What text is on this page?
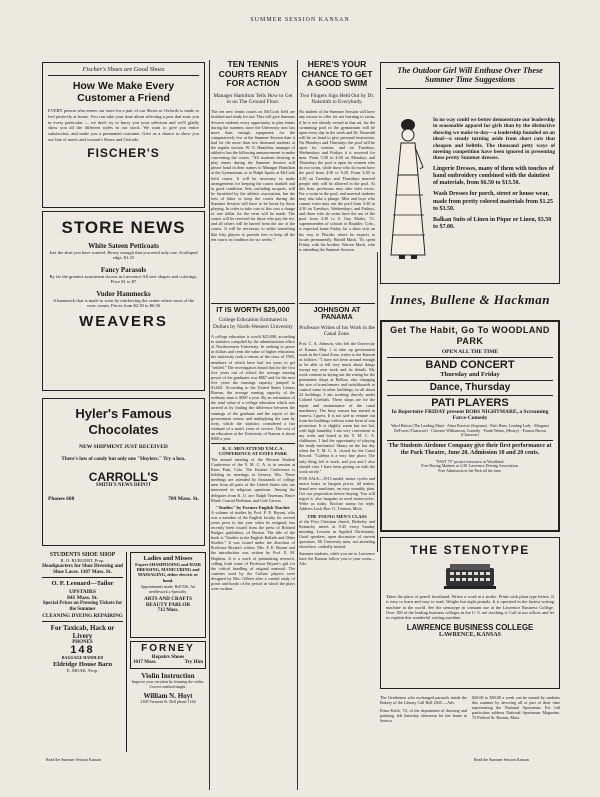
SUMMER SESSION KANSAN
Fischer's Shoes are Good Shoes
How We Make Every Customer a Friend
EVERY person who enters our store for a pair of our Shoes or Oxfords is made to feel perfectly at home. You can take your time about selecting a pair that suits you in every particular — we don't try to hurry you your selection and we'll gladly show you all the different styles in our stock. We want to give you entire satisfaction, and make you a permanent customer. Give us a chance to show you our line of men's and women's Shoes and Oxfords.
FISCHER'S
STORE NEWS
White Sateen Petticoats
Just the skirt you have wanted. Heavy enough that you need only one. Scolloped edge, $1.25
Fancy Parasols
By far the greatest assortment shown in Lawrence All new shapes and colorings. Price $1 to $7
Vudor Hammocks
A hammock that is made to wear by reinforcing the center where most of the wear comes. Prices from $2.50 to $6.50
WEAVERS
Hyler's Famous Chocolates
NEW SHIPMENT JUST RECEIVED
There's lots of candy but only one "Huylers." Try a box.
CARROLL'S
SMITH'S NEWS DEPOT
Phones 608	709 Mass. St.
STUDENTS SHOE SHOP
R. O. BURGERT, Prop.
Headquarters for Shoe Dressing and Shoe Laces. 1107 Mass. St.
O. P. Leonard---Tailor
UPSTAIRS
841 Mass. St.
Special Prices on Pressing Tickets for the Summer
CLEANING DYEING REPAIRING
For Taxicab, Hack or Livery
PHONES
148
BAGGAGE HANDLED
Eldridge House Barn
E. MOAK, Prop.
Ladies and Misses
Expert SHAMPOOING and HAIR DRESSING, MANICURING and MASSAGING, either electric or hand.
Appointments made. Bell 936. Art needlework a Specialty.
ARTS AND CRAFTS BEAUTY PARLOR
712 Mass.
FORNEY
Repairs Shoes
1017 Mass.	Try Him
Violin Instruction
Improve your vacation by learning the violin. Correct method taught.
William N. Hoyt
2100 Vermont St. Bell phone 1164
Read the Summer Session Kansan
TEN TENNIS COURTS READY FOR ACTION
Manager Hamilton Tells How to Get in on The Ground Floor.
The ten new tennis courts on McCook field are finished and ready for use. This will give Summer Session students every opportunity to play tennis during the summer, since the University now has more than enough equipment for the comparatively few at the Summer Session than it had for the more than two thousand students at the regular session. W. O. Hamilton, manager of athletics has the following announcement to make concerning the courts: "All students desiring to play tennis during the Summer Session will please hand in their names to Manager Hamilton at the Gymnasium, or to Ralph Spotts at McCook field courts. It will be necessary to make arrangements for keeping the courts marked and in good condition. Sets, including racquets, will be furnished by the athletic association, but the fees of labor to keep the courts during the Summer Session will have to be borne by those playing. In order to take care of this cost a charge of one dollar for the term will be made. The courts will be reserved for those who pay the fee, and all others will be barred from the use of the courts. It will be necessary to enlist something like fifty players to provide fees to keep all the ten courts in condition for six weeks."
HERE'S YOUR CHANCE TO GET A GOOD SWIM
Two Fingers Sign Held Out by Dr. Naismith to Everybody.
No student of the Summer Session will have any excuse to offer for not learning to swim, if he is not already versed in that art, for the swimming pool in the gymnasium will be open every day in the week and Dr. Naismith will be on hand to give personal instruction. On Mondays and Thursdays the pool will be open for women, and on Tuesdays, Wednesdays and Fridays it is reserved for men. From 3:30 to 4:30 on Mondays and Thursdays the pool is open for women who do not swim, while those who do swim have the pool from 4:30 to 5:30. From 3:30 to 4:30 on Tuesdays and Thursdays married people only will be allowed in the pool. At this hour professors may take their wives. For a swim in the pool, and married students may also take a plunge. Men and boys who cannot swim may use the pool from 3:30 to 4:30 on Tuesdays, Wednesdays, and Fridays, and those who do swim have the use of the pool from 4:30 to 6. Guy Marks, '11, superintendent of schools in Boulder, Colo., is expected home Friday for a short visit on his way to Florida, where he expects to locate permanently. Harold Mack, '16, spent Friday with his brother, Warren Mack, who is attending the Summer Session.
IT IS WORTH $25,000
College Education Estimated in Dollars by North-Western University
A college education is worth $25,000, according to statistics compiled by the administration office of Northwestern University. In seeking to prove in dollars and cents the value of higher education, the university took a census of the class of 1905, members of which have had ten years to get "settled." The investigators found that for the first five years out of school the average earning power of the graduates was $867 and for the next five years the earnings capacity jumped to $1,602. According to the United States Census Bureau, the average earning capacity of the ordinary man is $500 a year. By an estimation of the total value of a college education which was arrived at by finding the difference between the earnings of the graduate and the report of the government census and multiplying the sum by forty, which the statistics considered a fair estimate of a man's years of service. The cost of an education at the University of Kansas is about $300 a year.
K. U. MEN ATTEND Y.M.C.A. CONFERENCE AT ESTES PARK
The annual meeting of the Western Student Conference of the Y. M. C. A. is in session at Estes Park, Colo. The Eastern Conference is holding its meetings at Geneva, Wis. These meetings are attended by thousands of college men from all parts of the United States who are interested in religious questions. Among the delegates from K. U. are: Ralph Trueman, Bruce Blard, Conrad Hoffman, and Cale Carson.
"Studies" by Former English Teacher
A volume of studies by Prof. F. E. Bryant, who was a member of the English faculty for several years prior to last year when he resigned, has recently been issued from the press of Richard Badger, publishers, of Boston. The title of the book is "Studies in the English Ballads and Other Studies." It was issued under the direction of Professor Bryant's widow, Mrs. F. E. Bryant and the introduction was written by Prof. E. M. Hopkins. It is a work of painstaking research, calling forth some of Professor Bryant's gift for the critical handling of original material. The contents used by the Culture players were designed by Mrs. Gilbert after a careful study of prints and books of the period in which the plays were written.
JOHNSON AT PANAMA
Professor Writes of his Work in the Canal Zone.
Prof. C. A. Johnson, who left the University of Kansas May 1 to take up government work in the Canal Zone, writes to the Kansan as follows: "I have not been around enough to be able to tell very much about things except my own work and its details. My work consists in laying out the wiring for the permanent shops at Balboa, also changing the size of transformers and switchboards to control same in other buildings, in all about 24 buildings. I am working directly under Colonel Goethals. These shops are for the repair and maintenance of the canal machinery. The busy season has started in earnest, I guess. It is not safe to venture out from the buildings without some form of rain protection. It is slightly warm but not hot, with high humidity. I am very convenient to my work and board at the Y. M. C. A. clubhouse. I had the opportunity of playing the ready mechanics' library on the last day when the Y. M. C. A. closed for the Canal Record. "Culebra is a very fine place. The only thing left is work, and you and I also should visit. I have been getting on with the work nicely."
FOR SALE—1913 model, motor cycles and motor boats or bargain prices, all makes, brand new machines, on easy monthly plan. Get our proposition before buying. You will regret it, also bargains in used motorcycles. Write us today. Enclose stamp for reply. Address Lock Box 11, Trenton, Mich.
THE YOUNG MEN'S CLASS
of the First Christian church, Berkeley and Kentucky meets at 9:45 every Sunday morning. Lessons in Applied Christianity. Good speakers, open discussion of current questions. All University men, not attending elsewhere, cordially invited.
Summer students, while you are in Lawrence have the Kansan follow you to your room—Adv.
The Outdoor Girl Will Enthuse Over These Summer Time Suggestions
In no way could we better demonstrate our leadership in seasonable apparel for girls than by the distinctive showing we make to-day—a leadership founded on an ideal—a steady turning aside from short cuts that cheapen and belittle. The thousand petty ways of meeting competition have been ignored in presenting these pretty Summer dresses.
Lingerie Dresses, many of them with touches of hand embroidery combined with the daintiest of materials, from $6.50 to $13.50.
Wash Dresses for porch, street or house wear, made from pretty colored materials from $1.25 to $3.50.
Balkan Suits of Linen in Pique or Linen, $3.50 to $7.00.
Innes, Bullene & Hackman
Get The Habit, Go To WOODLAND PARK
OPEN ALL THE TIME
BAND CONCERT
Thursday and Friday
Dance, Thursday
PATI PLAYERS
In Repertoire FRIDAY present BOBS NIGHTMARE, a Screaming Farce-Comedy
Ward Hatton (The Leading Man) · Alma Pravisto (Soprano) · Patti Hunt, Leading Lady · Margaret DeForest (Character) · Clarence Williamson, Comedy · Frank Wentz, (Heavy) · Francis Brown (Character)
The Students Airdome Company give their first performance at the Park Theatre, June 20. Admission 10 and 20 cents.
"PAST 75" picture tomorrow at Woodland.
Free Racing Matinee at 2:30. Lawrence Driving Association.
Free Admission to the Park all the time.
THE STENOTYPE
Takes the place of pencil shorthand. Writes a word at a stroke. Prints with plain type letters. It is easy to learn and easy to read. Weighs but eight pounds. It is operated in the fastest writing machine in the world. See the stenotype in constant use at the Lawrence Business College. Over 100 of the leading business colleges in the U. S. are teaching it. Call at our offices and let us explain this wonderful writing machine.
LAWRENCE BUSINESS COLLEGE
LAWRENCE, KANSAS
The Gentlemen who exchanged parasols inside the Bakery of the Library Call Bell 2045.—Adv.
Erma Keith, '15, of the department of drawing and painting, left Saturday afternoon for her home in Seneca.
$20.00 to $50.00 a week can be earned by students this summer by devoting all or part of their time representing the National Sportsman. For full particulars address National Sportsman Magazine, 75 Federal St. Boston, Mass.
Read the Summer Session Kansan
